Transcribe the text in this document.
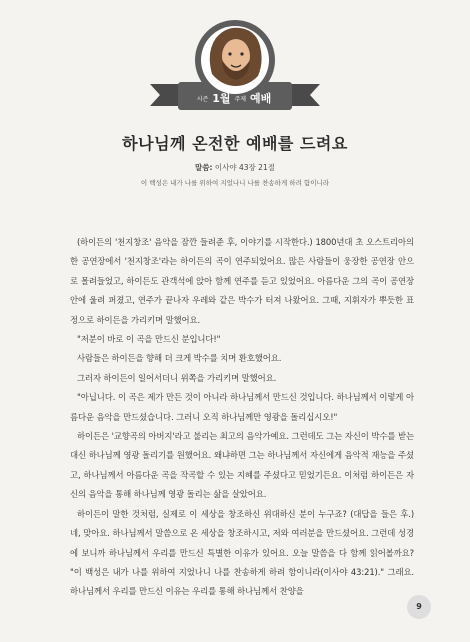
시즌 1월 주제 예배
하나님께 온전한 예배를 드려요
말씀: 이사야 43장 21절
이 백성은 내가 나를 위하여 지었나니 나를 찬송하게 하려 함이니라

(하이든의 '천지창조' 음악을 잠깐 들려준 후, 이야기를 시작한다.) 1800년대 초 오스트리아의 한 공연장에서 '천지창조'라는 하이든의 곡이 연주되었어요. 많은 사람들이 웅장한 공연장 안으로 몰려들었고, 하이든도 관객석에 앉아 함께 연주를 듣고 있었어요. 아름다운 그의 곡이 공연장 안에 울려 퍼졌고, 연주가 끝나자 우레와 같은 박수가 터져 나왔어요. 그때, 지휘자가 뿌듯한 표정으로 하이든을 가리키며 말했어요.

"저분이 바로 이 곡을 만드신 분입니다!"

사람들은 하이든을 향해 더 크게 박수를 치며 환호했어요.

그러자 하이든이 일어서더니 위쪽을 가리키며 말했어요.

"아닙니다. 이 곡은 제가 만든 것이 아니라 하나님께서 만드신 것입니다. 하나님께서 이렇게 아름다운 음악을 만드셨습니다. 그러니 오직 하나님께만 영광을 돌리십시오!"

하이든은 '교향곡의 아버지'라고 불리는 최고의 음악가예요. 그런데도 그는 자신이 박수를 받는 대신 하나님께 영광 돌리기를 원했어요. 왜냐하면 그는 하나님께서 자신에게 음악적 재능을 주셨고, 하나님께서 아름다운 곡을 작곡할 수 있는 지혜를 주셨다고 믿었기든요. 이처럼 하이든은 자신의 음악을 통해 하나님께 영광 돌리는 삶을 살았어요.

하이든이 말한 것처럼, 실제로 이 세상을 창조하신 위대하신 분이 누구죠? (대답을 들은 후.) 네, 맞아요. 하나님께서 말씀으로 온 세상을 창조하시고, 저와 여러분을 만드셨어요. 그런데 성경에 보니까 하나님께서 우리를 만드신 특별한 이유가 있어요. 오늘 말씀을 다 함께 읽어볼까요? "이 백성은 내가 나를 위하여 지었나니 나를 찬송하게 하려 함이니라(이사야 43:21)." 그래요. 하나님께서 우리를 만드신 이유는 우리를 통해 하나님께서 찬양을

9
